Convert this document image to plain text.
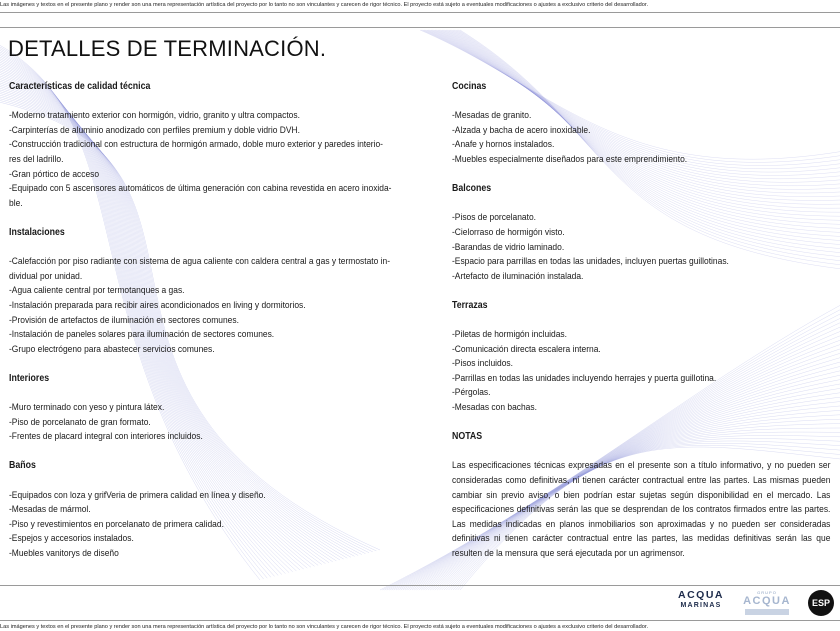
Las imágenes y textos en el presente plano y render son una mera representación artística del proyecto por lo tanto no son vinculantes y carecen de rigor técnico. El proyecto está sujeto a eventuales modificaciones o ajustes a exclusivo criterio del desarrollador.
DETALLES DE TERMINACIÓN.
Características de calidad técnica
-Moderno tratamiento exterior con hormigón, vidrio, granito y ultra compactos.
-Carpinterías de aluminio anodizado con perfiles premium y doble vidrio DVH.
-Construcción tradicional con estructura de hormigón armado, doble muro exterior y paredes interio-
res del ladrillo.
-Gran pórtico de acceso
-Equipado con 5 ascensores automáticos de última generación con cabina revestida en acero inoxida-
ble.
Instalaciones
-Calefacción por piso radiante con sistema de agua caliente con caldera central a gas y termostato in-
dividual por unidad.
-Agua caliente central por termotanques a gas.
-Instalación preparada para recibir aires acondicionados en living y dormitorios.
-Provisión de artefactos de iluminación en sectores comunes.
-Instalación de paneles solares para iluminación de sectores comunes.
-Grupo electrógeno para abastecer servicios comunes.
Interiores
-Muro terminado con yeso y pintura látex.
-Piso de porcelanato de gran formato.
-Frentes de placard integral con interiores incluidos.
Baños
-Equipados con loza y grifVeria de primera calidad en línea y diseño.
-Mesadas de mármol.
-Piso y revestimientos en porcelanato de primera calidad.
-Espejos y accesorios instalados.
-Muebles vanitorys de diseño
Cocinas
-Mesadas de granito.
-Alzada y bacha de acero inoxidable.
-Anafe y hornos instalados.
-Muebles especialmente diseñados para este emprendimiento.
Balcones
-Pisos de porcelanato.
-Cielorraso de hormigón visto.
-Barandas de vidrio laminado.
-Espacio para parrillas en todas las unidades, incluyen puertas guillotinas.
-Artefacto de iluminación instalada.
Terrazas
-Piletas de hormigón incluidas.
-Comunicación directa escalera interna.
-Pisos incluidos.
-Parrillas en todas las unidades incluyendo herrajes y puerta guillotina.
-Pérgolas.
-Mesadas con bachas.
NOTAS
Las especificaciones técnicas expresadas en el presente son a título informativo, y no pueden ser consideradas como definitivas, ni tienen carácter contractual entre las partes. Las mismas pueden cambiar sin previo aviso, o bien podrían estar sujetas según disponibilidad en el mercado. Las especificaciones definitivas serán las que se desprendan de los contratos firmados entre las partes. Las medidas indicadas en planos inmobiliarios son aproximadas y no pueden ser consideradas definitivas ni tienen carácter contractual entre las partes, las medidas definitivas serán las que resulten de la mensura que será ejecutada por un agrimensor.
ACQUA
MARINAS
GRUPO
ACQUA	ESP
Las imágenes y textos en el presente plano y render son una mera representación artística del proyecto por lo tanto no son vinculantes y carecen de rigor técnico. El proyecto está sujeto a eventuales modificaciones o ajustes a exclusivo criterio del desarrollador.
